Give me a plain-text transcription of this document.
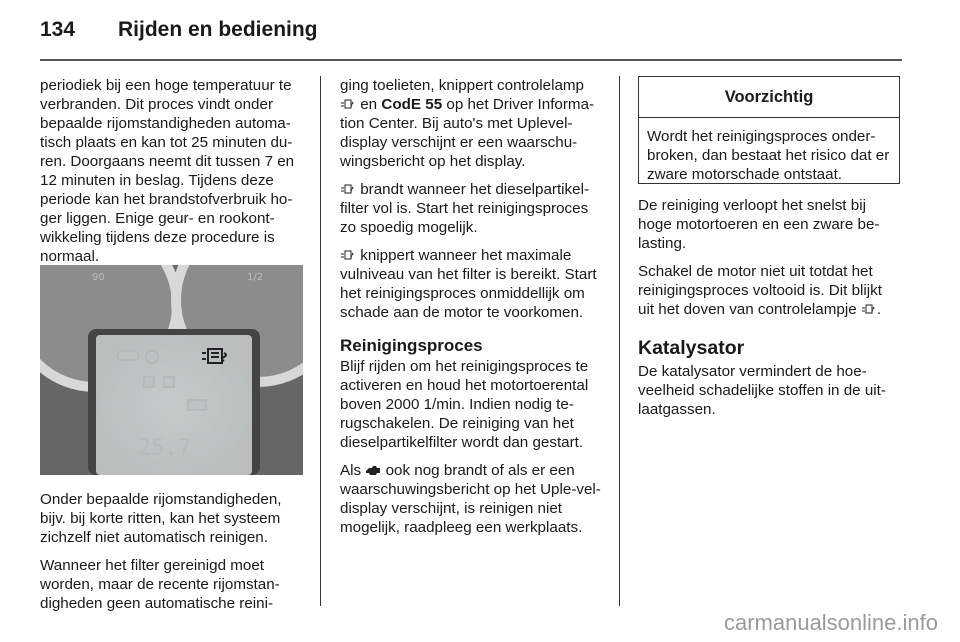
134 Rijden en bediening

periodiek bij een hoge temperatuur te verbranden. Dit proces vindt onder bepaalde rijomstandigheden automa-tisch plaats en kan tot 25 minuten du-ren. Doorgaans neemt dit tussen 7 en 12 minuten in beslag. Tijdens deze periode kan het brandstofverbruik ho-ger liggen. Enige geur- en rookont-wikkeling tijdens deze procedure is normaal.

90	1/2
25.7

Onder bepaalde rijomstandigheden, bijv. bij korte ritten, kan het systeem zichzelf niet automatisch reinigen.

Wanneer het filter gereinigd moet worden, maar de recente rijomstan-digheden geen automatische reini-

ging toelieten, knippert controlelamp  en CodE 55 op het Driver Informa-tion Center. Bij auto's met Uplevel-display verschijnt er een waarschu-wingsbericht op het display.

brandt wanneer het dieselpartikel-filter vol is. Start het reinigingsproces zo spoedig mogelijk.

knippert wanneer het maximale vulniveau van het filter is bereikt. Start het reinigingsproces onmiddellijk om schade aan de motor te voorkomen.

Reinigingsproces

Blijf rijden om het reinigingsproces te activeren en houd het motortoerental boven 2000 1/min. Indien nodig te-rugschakelen. De reiniging van het dieselpartikelfilter wordt dan gestart.

Als ook nog brandt of als er een waarschuwingsbericht op het Uple-vel-display verschijnt, is reinigen niet mogelijk, raadpleeg een werkplaats.

Voorzichtig
Wordt het reinigingsproces onder-broken, dan bestaat het risico dat er zware motorschade ontstaat.

De reiniging verloopt het snelst bij hoge motortoeren en een zware be-lasting.

Schakel de motor niet uit totdat het reinigingsproces voltooid is. Dit blijkt uit het doven van controlelampje .

Katalysator

De katalysator vermindert de hoe-veelheid schadelijke stoffen in de uit-laatgassen.

carmanualsonline.info
